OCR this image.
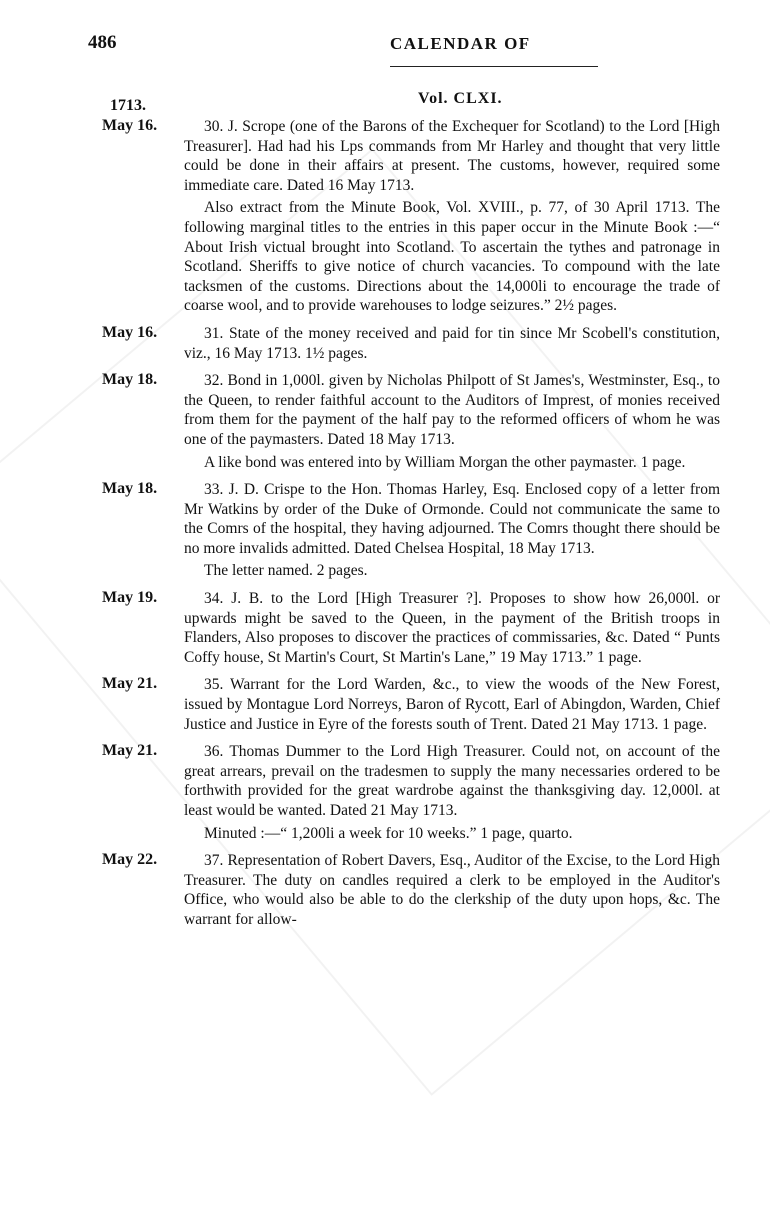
486	CALENDAR OF
Vol. CLXI.
1713.
May 16.	30. J. Scrope (one of the Barons of the Exchequer for Scotland) to the Lord [High Treasurer]. Had had his Lps commands from Mr Harley and thought that very little could be done in their affairs at present. The customs, however, required some immediate care. Dated 16 May 1713.

Also extract from the Minute Book, Vol. XVIII., p. 77, of 30 April 1713. The following marginal titles to the entries in this paper occur in the Minute Book :—“ About Irish victual brought into Scotland. To ascertain the tythes and patronage in Scotland. Sheriffs to give notice of church vacancies. To compound with the late tacksmen of the customs. Directions about the 14,000li to encourage the trade of coarse wool, and to provide warehouses to lodge seizures.” 2½ pages.

May 16.	31. State of the money received and paid for tin since Mr Scobell's constitution, viz., 16 May 1713. 1½ pages.

May 18.	32. Bond in 1,000l. given by Nicholas Philpott of St James's, Westminster, Esq., to the Queen, to render faithful account to the Auditors of Imprest, of monies received from them for the payment of the half pay to the reformed officers of whom he was one of the paymasters. Dated 18 May 1713.

A like bond was entered into by William Morgan the other paymaster. 1 page.

May 18.	33. J. D. Crispe to the Hon. Thomas Harley, Esq. Enclosed copy of a letter from Mr Watkins by order of the Duke of Ormonde. Could not communicate the same to the Comrs of the hospital, they having adjourned. The Comrs thought there should be no more invalids admitted. Dated Chelsea Hospital, 18 May 1713.

The letter named. 2 pages.

May 19.	34. J. B. to the Lord [High Treasurer ?]. Proposes to show how 26,000l. or upwards might be saved to the Queen, in the payment of the British troops in Flanders, Also proposes to discover the practices of commissaries, &c. Dated “ Punts Coffy house, St Martin's Court, St Martin's Lane,” 19 May 1713.” 1 page.

May 21.	35. Warrant for the Lord Warden, &c., to view the woods of the New Forest, issued by Montague Lord Norreys, Baron of Rycott, Earl of Abingdon, Warden, Chief Justice and Justice in Eyre of the forests south of Trent. Dated 21 May 1713. 1 page.

May 21.	36. Thomas Dummer to the Lord High Treasurer. Could not, on account of the great arrears, prevail on the tradesmen to supply the many necessaries ordered to be forthwith provided for the great wardrobe against the thanksgiving day. 12,000l. at least would be wanted. Dated 21 May 1713.

Minuted :—“ 1,200li a week for 10 weeks.” 1 page, quarto.

May 22.	37. Representation of Robert Davers, Esq., Auditor of the Excise, to the Lord High Treasurer. The duty on candles required a clerk to be employed in the Auditor's Office, who would also be able to do the clerkship of the duty upon hops, &c. The warrant for allow-
